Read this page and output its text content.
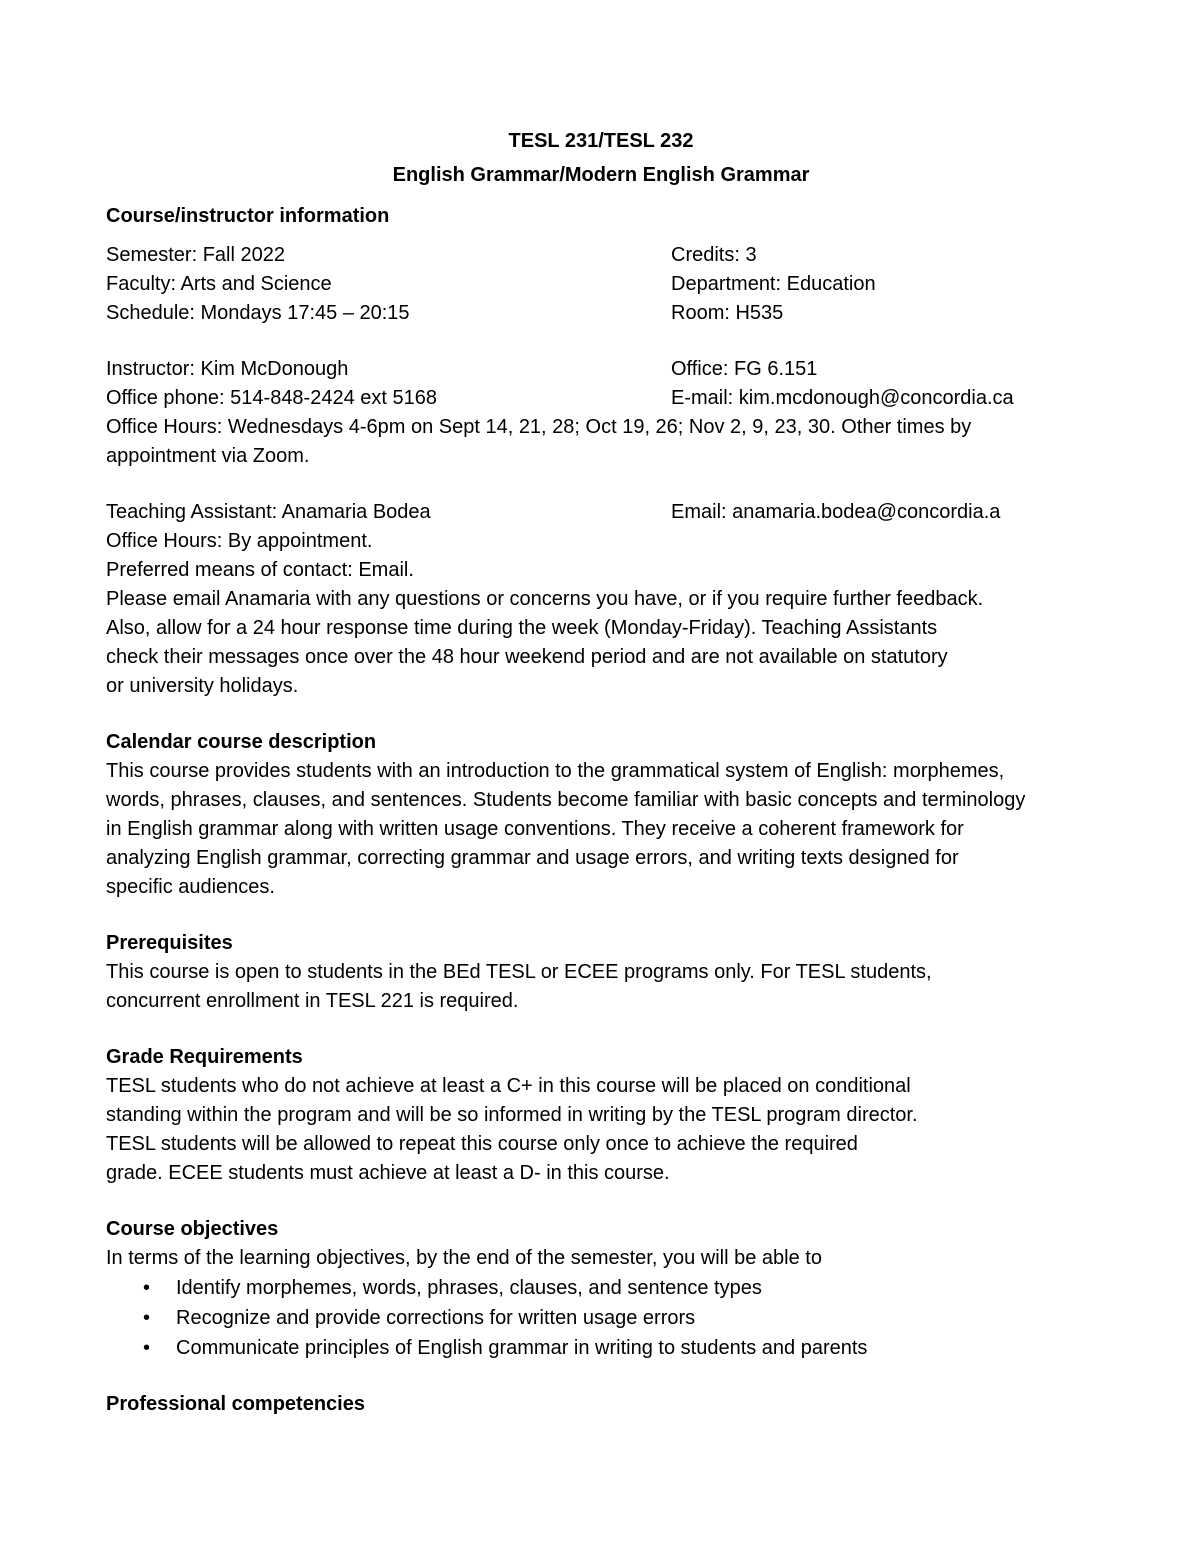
TESL 231/TESL 232
English Grammar/Modern English Grammar

Course/instructor information

Semester: Fall 2022	Credits: 3
Faculty: Arts and Science	Department: Education
Schedule: Mondays 17:45 – 20:15	Room: H535
Instructor: Kim McDonough	Office: FG 6.151
Office phone: 514-848-2424 ext 5168	E-mail: kim.mcdonough@concordia.ca

Office Hours: Wednesdays 4-6pm on Sept 14, 21, 28; Oct 19, 26; Nov 2, 9, 23, 30. Other times by

appointment via Zoom.

Teaching Assistant: Anamaria Bodea	Email: anamaria.bodea@concordia.a

Office Hours: By appointment.

Preferred means of contact: Email.

Please email Anamaria with any questions or concerns you have, or if you require further feedback.

Also, allow for a 24 hour response time during the week (Monday-Friday). Teaching Assistants

check their messages once over the 48 hour weekend period and are not available on statutory

or university holidays.

Calendar course description

This course provides students with an introduction to the grammatical system of English: morphemes,

words, phrases, clauses, and sentences. Students become familiar with basic concepts and terminology

in English grammar along with written usage conventions. They receive a coherent framework for

analyzing English grammar, correcting grammar and usage errors, and writing texts designed for

specific audiences.

Prerequisites

This course is open to students in the BEd TESL or ECEE programs only. For TESL students,

concurrent enrollment in TESL 221 is required.

Grade Requirements

TESL students who do not achieve at least a C+ in this course will be placed on conditional

standing within the program and will be so informed in writing by the TESL program director.

TESL students will be allowed to repeat this course only once to achieve the required

grade. ECEE students must achieve at least a D- in this course.

Course objectives

In terms of the learning objectives, by the end of the semester, you will be able to

• Identify morphemes, words, phrases, clauses, and sentence types
• Recognize and provide corrections for written usage errors
• Communicate principles of English grammar in writing to students and parents

Professional competencies
